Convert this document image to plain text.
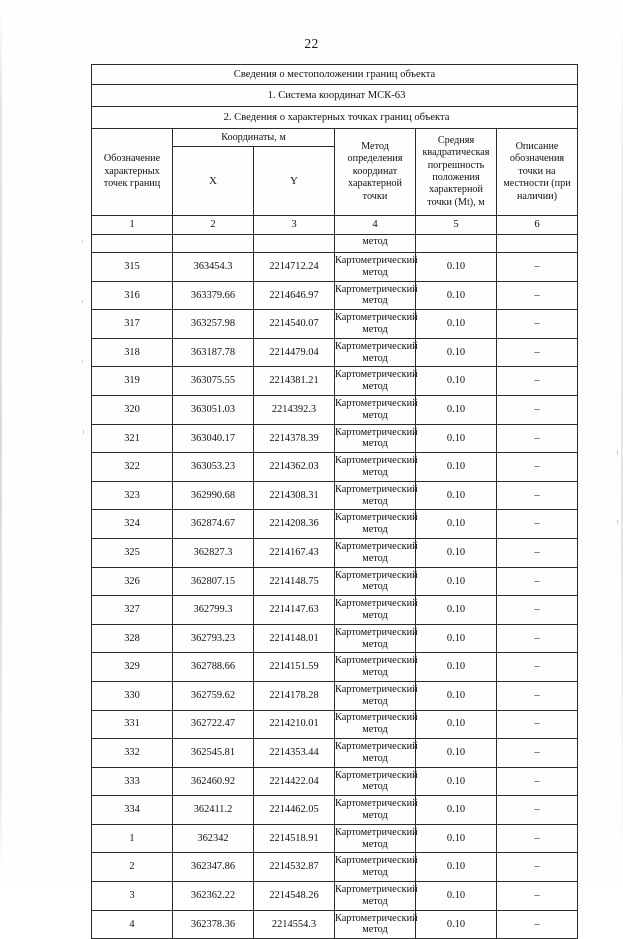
22
Сведения о местоположении границ объекта					
1. Система координат МСК-63					
2. Сведения о характерных точках границ объекта					
Обозначение характерных точек границ	Координаты, м		Метод определения координат характерной точки	Средняя квадратическая погрешность положения характерной точки (Mt), м	Описание обозначения точки на местности (при наличии)
	X	Y			
1	2	3	4	5	6
			метод		
315	363454.3	2214712.24	Картометрический метод	0.10	–
316	363379.66	2214646.97	Картометрический метод	0.10	–
317	363257.98	2214540.07	Картометрический метод	0.10	–
318	363187.78	2214479.04	Картометрический метод	0.10	–
319	363075.55	2214381.21	Картометрический метод	0.10	–
320	363051.03	2214392.3	Картометрический метод	0.10	–
321	363040.17	2214378.39	Картометрический метод	0.10	–
322	363053.23	2214362.03	Картометрический метод	0.10	–
323	362990.68	2214308.31	Картометрический метод	0.10	–
324	362874.67	2214208.36	Картометрический метод	0.10	–
325	362827.3	2214167.43	Картометрический метод	0.10	–
326	362807.15	2214148.75	Картометрический метод	0.10	–
327	362799.3	2214147.63	Картометрический метод	0.10	–
328	362793.23	2214148.01	Картометрический метод	0.10	–
329	362788.66	2214151.59	Картометрический метод	0.10	–
330	362759.62	2214178.28	Картометрический метод	0.10	–
331	362722.47	2214210.01	Картометрический метод	0.10	–
332	362545.81	2214353.44	Картометрический метод	0.10	–
333	362460.92	2214422.04	Картометрический метод	0.10	–
334	362411.2	2214462.05	Картометрический метод	0.10	–
1	362342	2214518.91	Картометрический метод	0.10	–
2	362347.86	2214532.87	Картометрический метод	0.10	–
3	362362.22	2214548.26	Картометрический метод	0.10	–
4	362378.36	2214554.3	Картометрический метод	0.10	–
